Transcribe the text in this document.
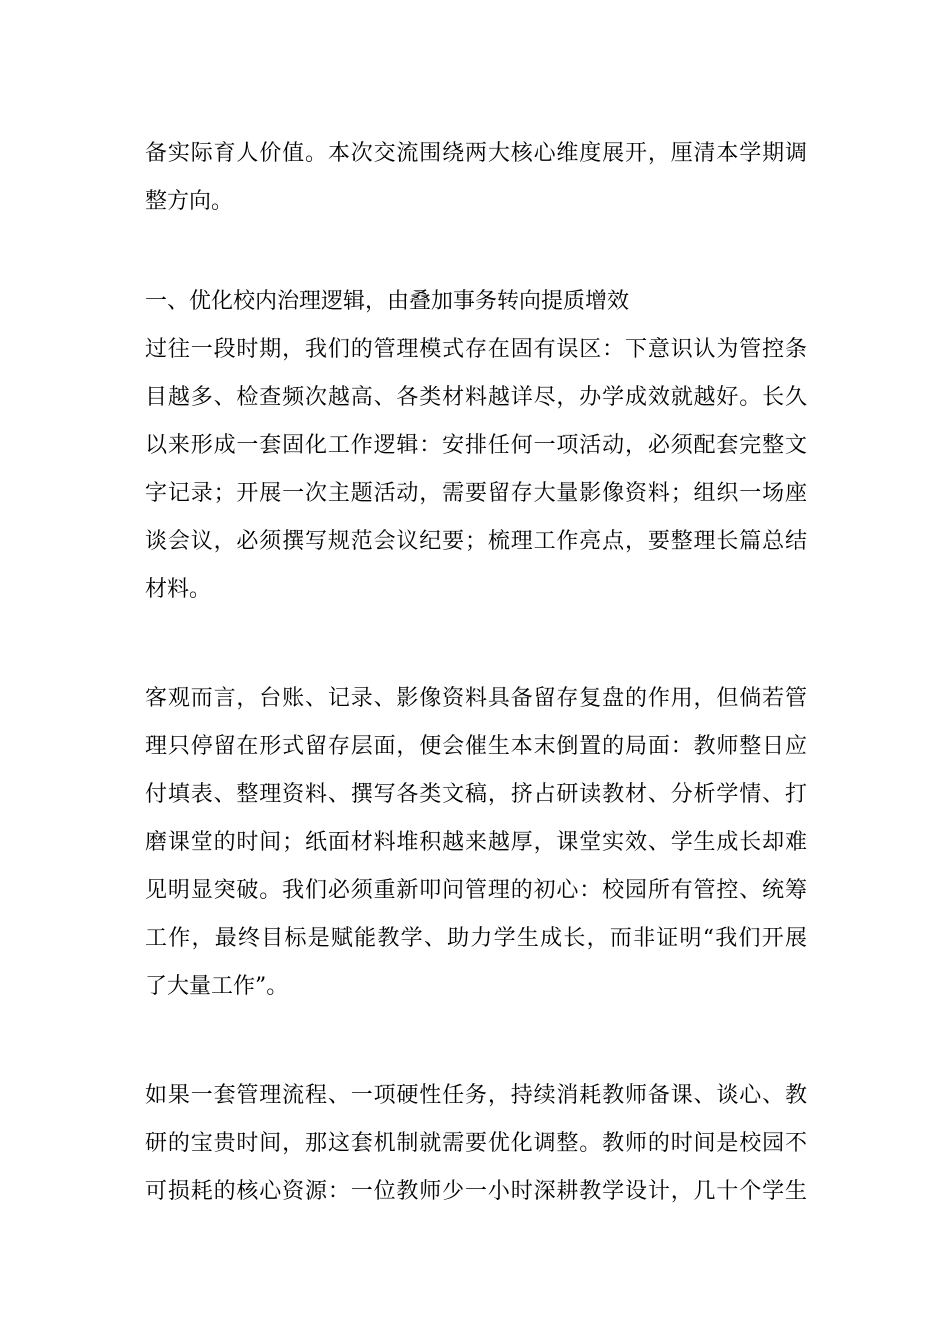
备实际育人价值。本次交流围绕两大核心维度展开，厘清本学期调
整方向。
一、优化校内治理逻辑，由叠加事务转向提质增效
过往一段时期，我们的管理模式存在固有误区：下意识认为管控条
目越多、检查频次越高、各类材料越详尽，办学成效就越好。长久
以来形成一套固化工作逻辑：安排任何一项活动，必须配套完整文
字记录；开展一次主题活动，需要留存大量影像资料；组织一场座
谈会议，必须撰写规范会议纪要；梳理工作亮点，要整理长篇总结
材料。
客观而言，台账、记录、影像资料具备留存复盘的作用，但倘若管
理只停留在形式留存层面，便会催生本末倒置的局面：教师整日应
付填表、整理资料、撰写各类文稿，挤占研读教材、分析学情、打
磨课堂的时间；纸面材料堆积越来越厚，课堂实效、学生成长却难
见明显突破。我们必须重新叩问管理的初心：校园所有管控、统筹
工作，最终目标是赋能教学、助力学生成长，而非证明“我们开展
了大量工作”。
如果一套管理流程、一项硬性任务，持续消耗教师备课、谈心、教
研的宝贵时间，那这套机制就需要优化调整。教师的时间是校园不
可损耗的核心资源：一位教师少一小时深耕教学设计，几十个学生
